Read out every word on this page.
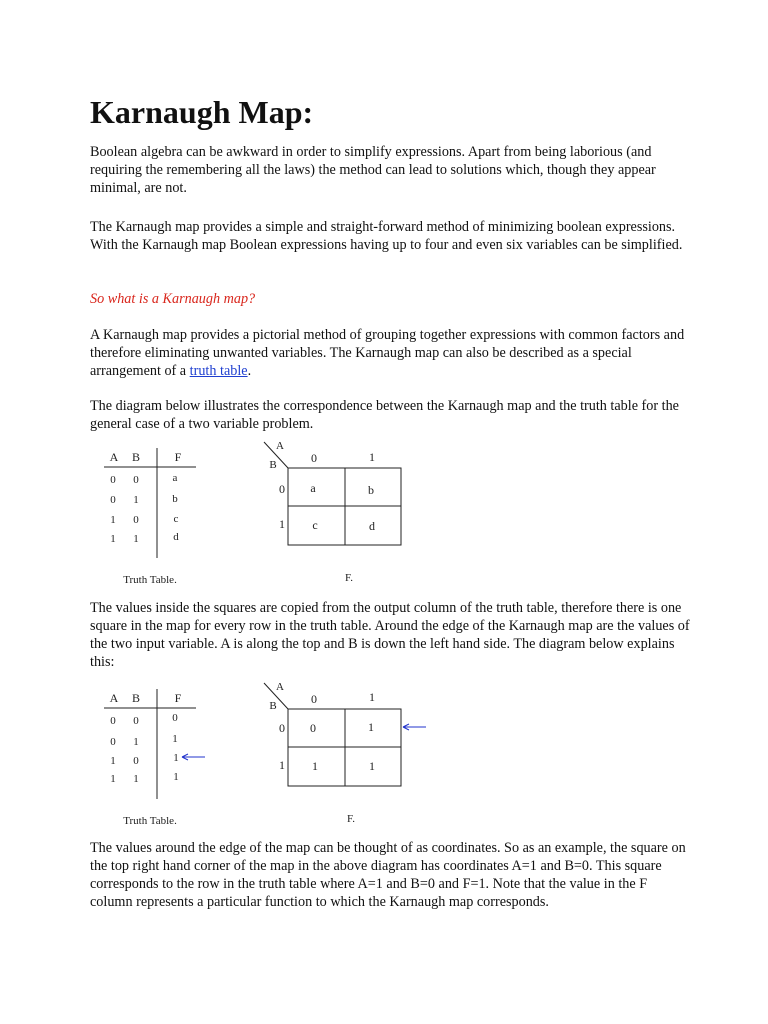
Karnaugh Map:

Boolean algebra can be awkward in order to simplify expressions. Apart from being laborious (and requiring the remembering all the laws) the method can lead to solutions which, though they appear minimal, are not.

The Karnaugh map provides a simple and straight-forward method of minimizing boolean expressions. With the Karnaugh map Boolean expressions having up to four and even six variables can be simplified.

So what is a Karnaugh map?

A Karnaugh map provides a pictorial method of grouping together expressions with common factors and therefore eliminating unwanted variables. The Karnaugh map can also be described as a special arrangement of a truth table.

The diagram below illustrates the correspondence between the Karnaugh map and the truth table for the general case of a two variable problem.

The values inside the squares are copied from the output column of the truth table, therefore there is one square in the map for every row in the truth table. Around the edge of the Karnaugh map are the values of the two input variable. A is along the top and B is down the left hand side. The diagram below explains this:

The values around the edge of the map can be thought of as coordinates. So as an example, the square on the top right hand corner of the map in the above diagram has coordinates A=1 and B=0. This square corresponds to the row in the truth table where A=1 and B=0 and F=1. Note that the value in the F column represents a particular function to which the Karnaugh map corresponds.

A B	F
0 0	a
0 1	b
1 0	c
1 1	d
Truth Table.
A
B	0	1
0
1
a	b
c	d
F.
A B	F
0 0	0
0 1	1
1 0	1
1 1	1
Truth Table.
A
B	0	1
0
1
0	1
1	1
F.
